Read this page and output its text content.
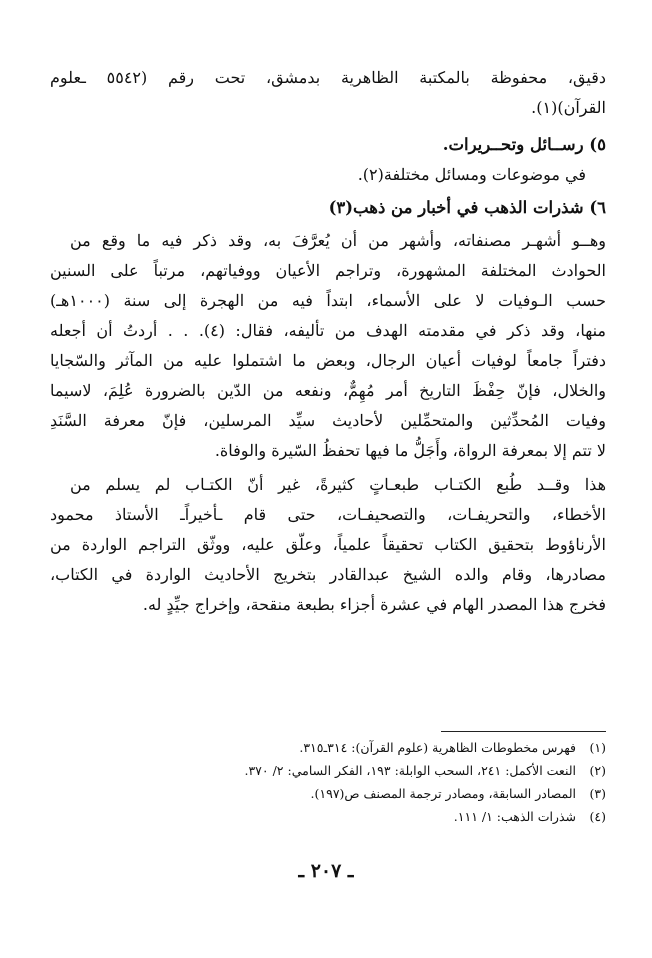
دقيق، محفوظة بالمكتبة الظاهرية بدمشق، تحت رقم (٥٥٤٢ ـعلوم
القرآن)(١).
٥) رســائل وتحــريرات.
في موضوعات ومسائل مختلفة(٢).
٦) شذرات الذهب في أخبار من ذهب(٣)
وهــو أشهـر مصنفاته، وأشهر من أن يُعرَّفَ به، وقد ذكر فيه ما وقع من
الحوادث المختلفة المشهورة، وتراجم الأعيان ووفياتهم، مرتباً على السنين
حسب الـوفيات لا على الأسماء، ابتداً فيه من الهجرة إلى سنة (١٠٠٠هـ)
منها، وقد ذكر في مقدمته الهدف من تأليفه، فقال: (٤). . . أردتُ أن أجعله
دفتراً جامعاً لوفيات أعيان الرجال، وبعض ما اشتملوا عليه من المآثر والسّجايا
والخلال، فإنّ حِفْظَ التاريخ أمر مُهِمٌّ، ونفعه من الدّين بالضرورة عُلِمَ، لاسيما
وفيات المُحدِّثين والمتحمِّلين لأحاديث سيِّد المرسلين، فإنّ معرفة السَّنَدِ
لا تتم إلا بمعرفة الرواة، وأَجَلُّ ما فيها تحفظُ السّيرة والوفاة.
هذا وقــد طُبع الكتـاب طبعـاتٍ كثيرةً، غير أنّ الكتـاب لم يسلم من
الأخطاء، والتحريفـات، والتصحيفـات، حتى قام ـأخيراًـ الأستاذ محمود
الأرناؤوط بتحقيق الكتاب تحقيقاً علمياً، وعلّق عليه، ووثّق التراجم الواردة من
مصادرها، وقام والده الشيخ عبدالقادر بتخريج الأحاديث الواردة في الكتاب،
فخرج هذا المصدر الهام في عشرة أجزاء بطبعة منقحة، وإخراج جيِّدٍ له.
(١) فهرس مخطوطات الظاهرية (علوم القرآن): ٣١٤ـ٣١٥.
(٢) النعت الأكمل: ٢٤١، السحب الوابلة: ١٩٣، الفكر السامي: ٢/ ٣٧٠.
(٣) المصادر السابقة، ومصادر ترجمة المصنف ص(١٩٧).
(٤) شذرات الذهب: ١/ ١١١.
ـ ٢٠٧ ـ
